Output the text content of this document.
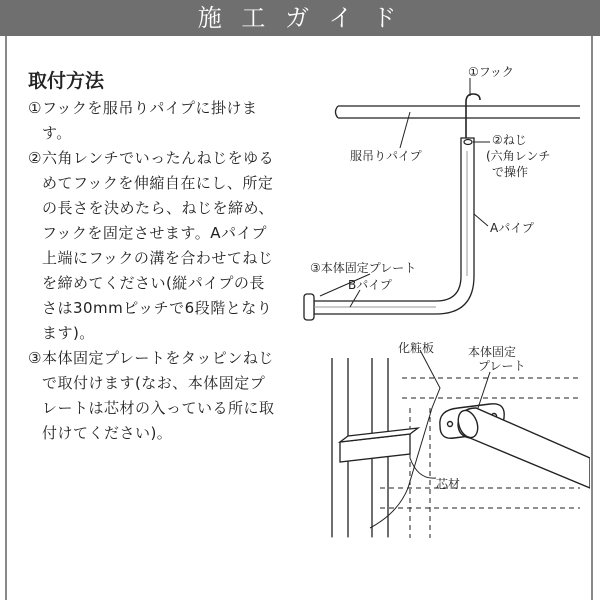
施 工 ガ イ ド
取付方法
① フックを服吊りパイプに掛けます。
② 六角レンチでいったんねじをゆるめてフックを伸縮自在にし、所定の長さを決めたら、ねじを締め、フックを固定させます。Aパイプ上端にフックの溝を合わせてねじを締めてください(縦パイプの長さは30mmピッチで6段階となります)。
③ 本体固定プレートをタッピンねじで取付けます(なお、本体固定プレートは芯材の入っている所に取付けてください)。
①フック
服吊りパイプ
②ねじ
(六角レンチ
で操作
Aパイプ
③本体固定プレート
Bパイプ
化粧板	本体固定
プレート
芯材
